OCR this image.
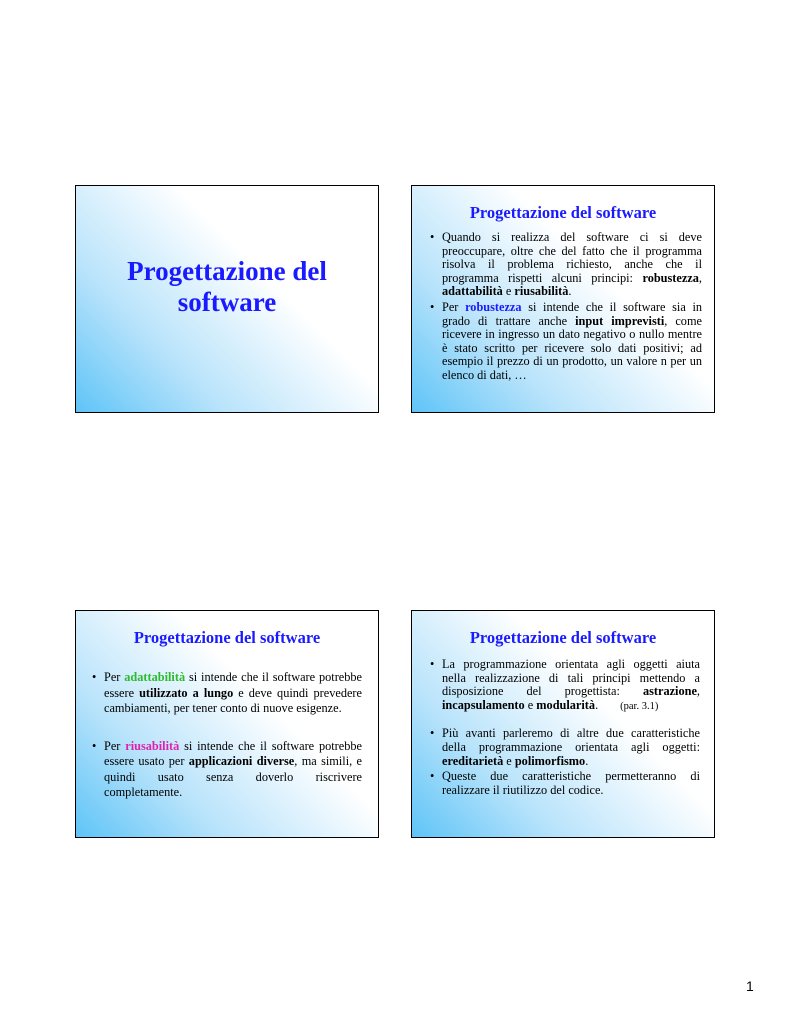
Progettazione del software
Progettazione del software
• Quando si realizza del software ci si deve preoccupare, oltre che del fatto che il programma risolva il problema richiesto, anche che il programma rispetti alcuni principi: robustezza, adattabilità e riusabilità.
• Per robustezza si intende che il software sia in grado di trattare anche input imprevisti, come ricevere in ingresso un dato negativo o nullo mentre è stato scritto per ricevere solo dati positivi; ad esempio il prezzo di un prodotto, un valore n per un elenco di dati, …
Progettazione del software
• Per adattabilità si intende che il software potrebbe essere utilizzato a lungo e deve quindi prevedere cambiamenti, per tener conto di nuove esigenze.
• Per riusabilità si intende che il software potrebbe essere usato per applicazioni diverse, ma simili, e quindi usato senza doverlo riscrivere completamente.
Progettazione del software
• La programmazione orientata agli oggetti aiuta nella realizzazione di tali principi mettendo a disposizione del progettista: astrazione, incapsulamento e modularità. (par. 3.1)
• Più avanti parleremo di altre due caratteristiche della programmazione orientata agli oggetti: ereditarietà e polimorfismo.
• Queste due caratteristiche permetteranno di realizzare il riutilizzo del codice.
1
